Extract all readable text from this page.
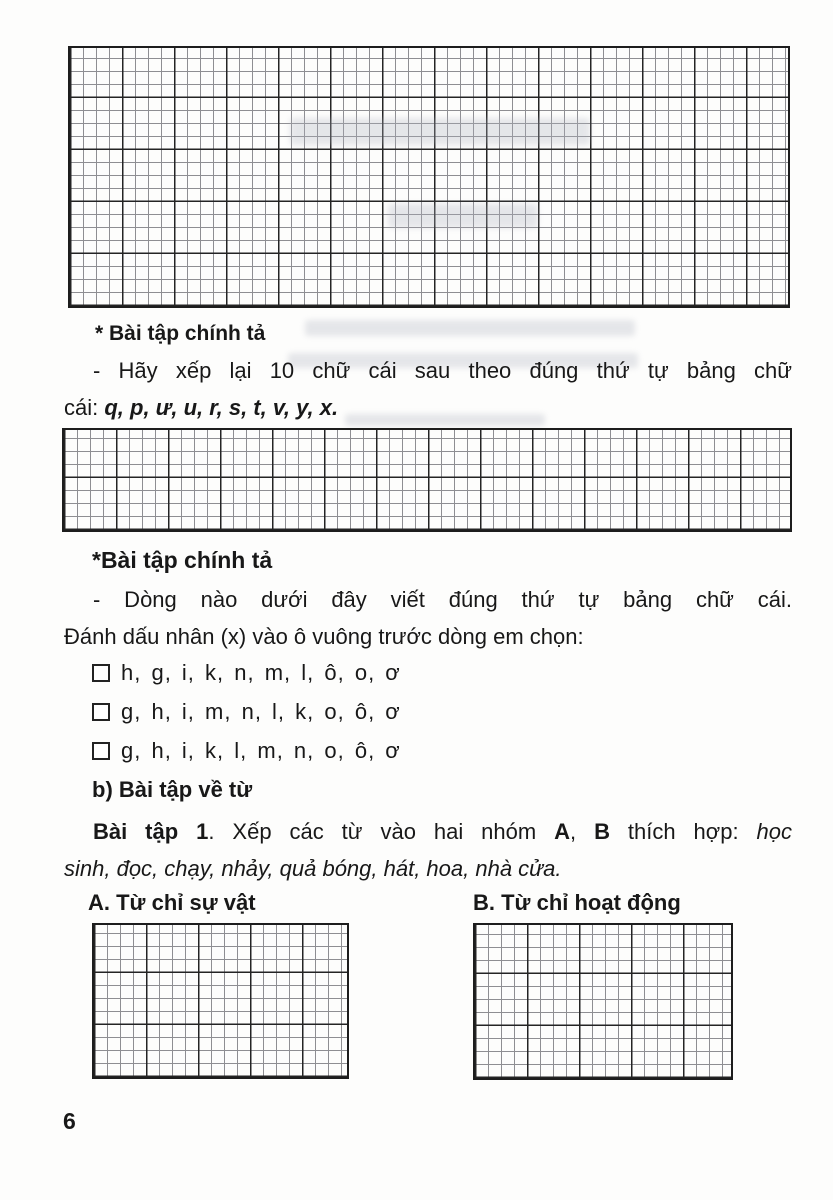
* Bài tập chính tả
- Hãy xếp lại 10 chữ cái sau theo đúng thứ tự bảng chữ
cái: q, p, ư, u, r, s, t, v, y, x.
*Bài tập chính tả
- Dòng nào dưới đây viết đúng thứ tự bảng chữ cái.
Đánh dấu nhân (x) vào ô vuông trước dòng em chọn:
h, g, i, k, n, m, l, ô, o, ơ
g, h, i, m, n, l, k, o, ô, ơ
g, h, i, k, l, m, n, o, ô, ơ
b) Bài tập về từ
Bài tập 1. Xếp các từ vào hai nhóm A, B thích hợp: học
sinh, đọc, chạy, nhảy, quả bóng, hát, hoa, nhà cửa.
A. Từ chỉ sự vật	B. Từ chỉ hoạt động
6
